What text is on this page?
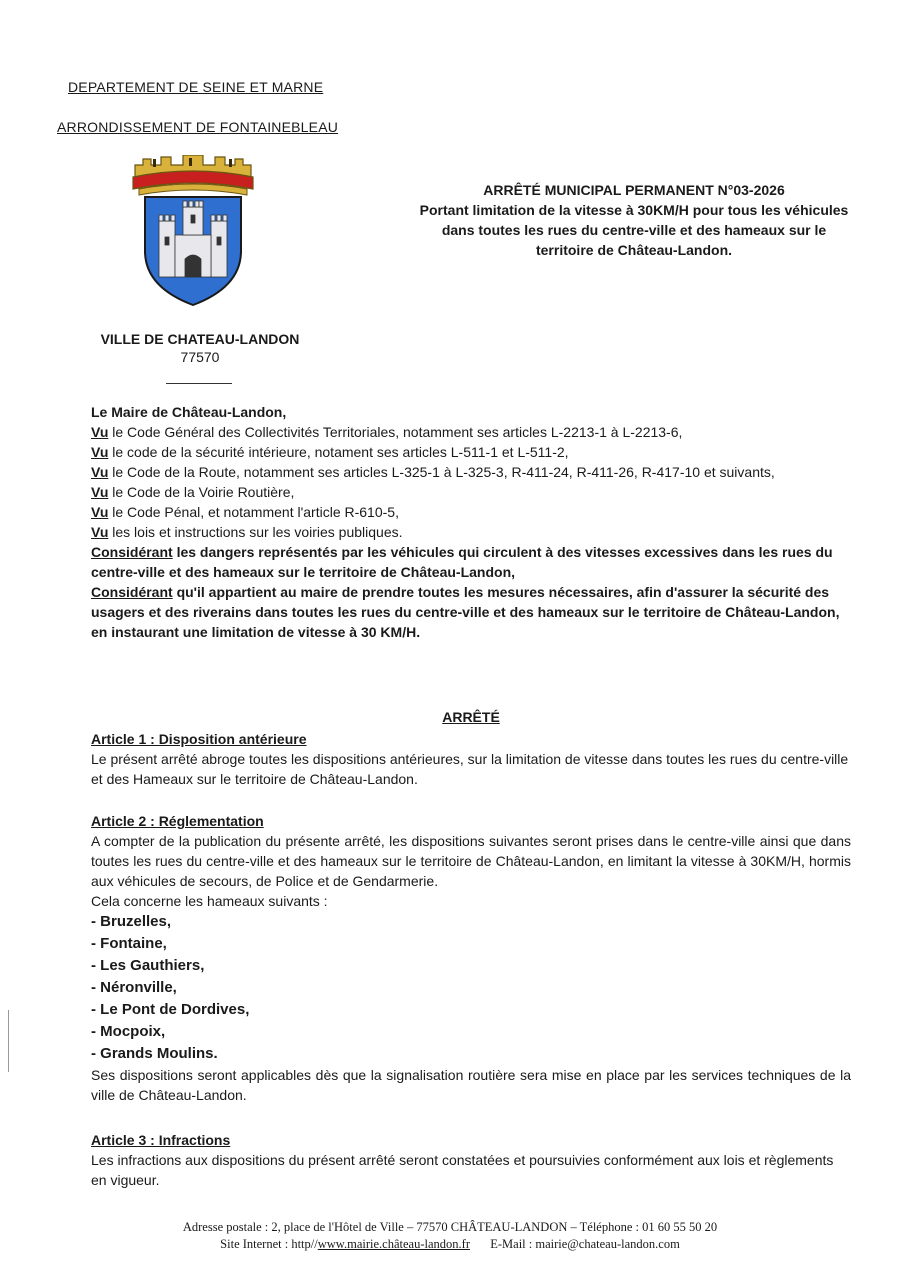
DEPARTEMENT DE SEINE ET MARNE
ARRONDISSEMENT DE FONTAINEBLEAU
VILLE DE CHATEAU-LANDON
77570
ARRÊTÉ MUNICIPAL PERMANENT N°03-2026
Portant limitation de la vitesse à 30KM/H pour tous les véhicules
dans toutes les rues du centre-ville et des hameaux sur le
territoire de Château-Landon.

Le Maire de Château-Landon,

Vu le Code Général des Collectivités Territoriales, notamment ses articles L-2213-1 à L-2213-6,

Vu le code de la sécurité intérieure, notament ses articles L-511-1 et L-511-2,

Vu le Code de la Route, notamment ses articles L-325-1 à L-325-3, R-411-24, R-411-26, R-417-10 et suivants,

Vu le Code de la Voirie Routière,

Vu le Code Pénal, et notamment l'article R-610-5,

Vu les lois et instructions sur les voiries publiques.

Considérant les dangers représentés par les véhicules qui circulent à des vitesses excessives dans les rues du centre-ville et des hameaux sur le territoire de Château-Landon,

Considérant qu'il appartient au maire de prendre toutes les mesures nécessaires, afin d'assurer la sécurité des usagers et des riverains dans toutes les rues du centre-ville et des hameaux sur le territoire de Château-Landon, en instaurant une limitation de vitesse à 30 KM/H.

ARRÊTÉ

Article 1 : Disposition antérieure

Le présent arrêté abroge toutes les dispositions antérieures, sur la limitation de vitesse dans toutes les rues du centre-ville et des Hameaux sur le territoire de Château-Landon.

Article 2 : Réglementation

A compter de la publication du présente arrêté, les dispositions suivantes seront prises dans le centre-ville ainsi que dans toutes les rues du centre-ville et des hameaux sur le territoire de Château-Landon, en limitant la vitesse à 30KM/H, hormis aux véhicules de secours, de Police et de Gendarmerie.

Cela concerne les hameaux suivants :

- Bruzelles,

- Fontaine,

- Les Gauthiers,

- Néronville,

- Le Pont de Dordives,

- Mocpoix,

- Grands Moulins.

Ses dispositions seront applicables dès que la signalisation routière sera mise en place par les services techniques de la ville de Château-Landon.

Article 3 : Infractions

Les infractions aux dispositions du présent arrêté seront constatées et poursuivies conformément aux lois et règlements en vigueur.

Adresse postale : 2, place de l'Hôtel de Ville – 77570 CHÂTEAU-LANDON – Téléphone : 01 60 55 50 20
Site Internet : http//www.mairie.château-landon.fr E-Mail : mairie@chateau-landon.com
